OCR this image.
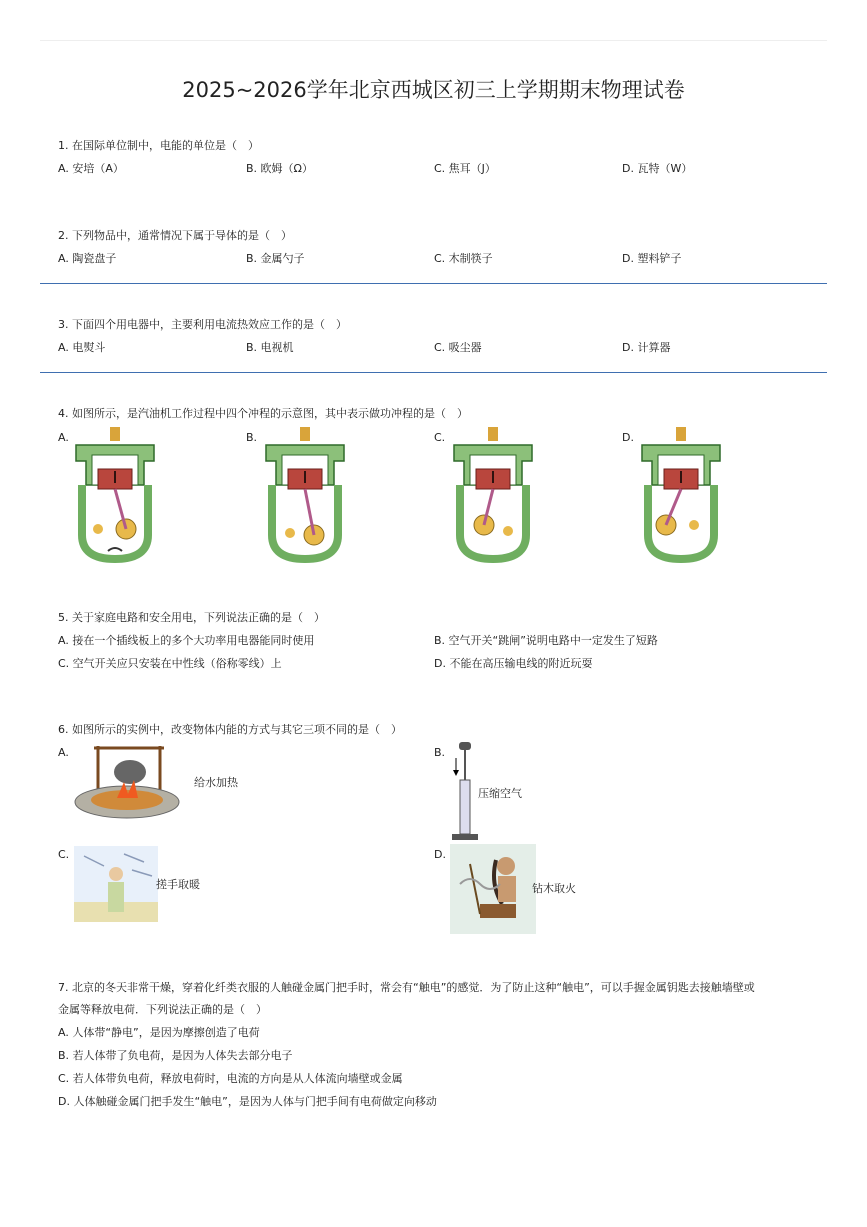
2025~2026学年北京西城区初三上学期期末物理试卷
1. 在国际单位制中，电能的单位是（　）
A. 安培（A）	B. 欧姆（Ω）	C. 焦耳（J）	D. 瓦特（W）
2. 下列物品中，通常情况下属于导体的是（　）
A. 陶瓷盘子	B. 金属勺子	C. 木制筷子	D. 塑料铲子
3. 下面四个用电器中，主要利用电流热效应工作的是（　）
A. 电熨斗	B. 电视机	C. 吸尘器	D. 计算器
4. 如图所示，是汽油机工作过程中四个冲程的示意图，其中表示做功冲程的是（　）
A.	B.	C.	D.
5. 关于家庭电路和安全用电，下列说法正确的是（　）
A. 接在一个插线板上的多个大功率用电器能同时使用	B. 空气开关“跳闸”说明电路中一定发生了短路
C. 空气开关应只安装在中性线（俗称零线）上	D. 不能在高压输电线的附近玩耍
6. 如图所示的实例中，改变物体内能的方式与其它三项不同的是（　）
A.	B.
C.	D.
给水加热
压缩空气
搓手取暖	钻木取火
7. 北京的冬天非常干燥，穿着化纤类衣服的人触碰金属门把手时，常会有“触电”的感觉．为了防止这种“触电”，可以手握金属钥匙去接触墙壁或
金属等释放电荷．下列说法正确的是（　）
A. 人体带“静电”，是因为摩擦创造了电荷
B. 若人体带了负电荷，是因为人体失去部分电子
C. 若人体带负电荷，释放电荷时，电流的方向是从人体流向墙壁或金属
D. 人体触碰金属门把手发生“触电”，是因为人体与门把手间有电荷做定向移动
